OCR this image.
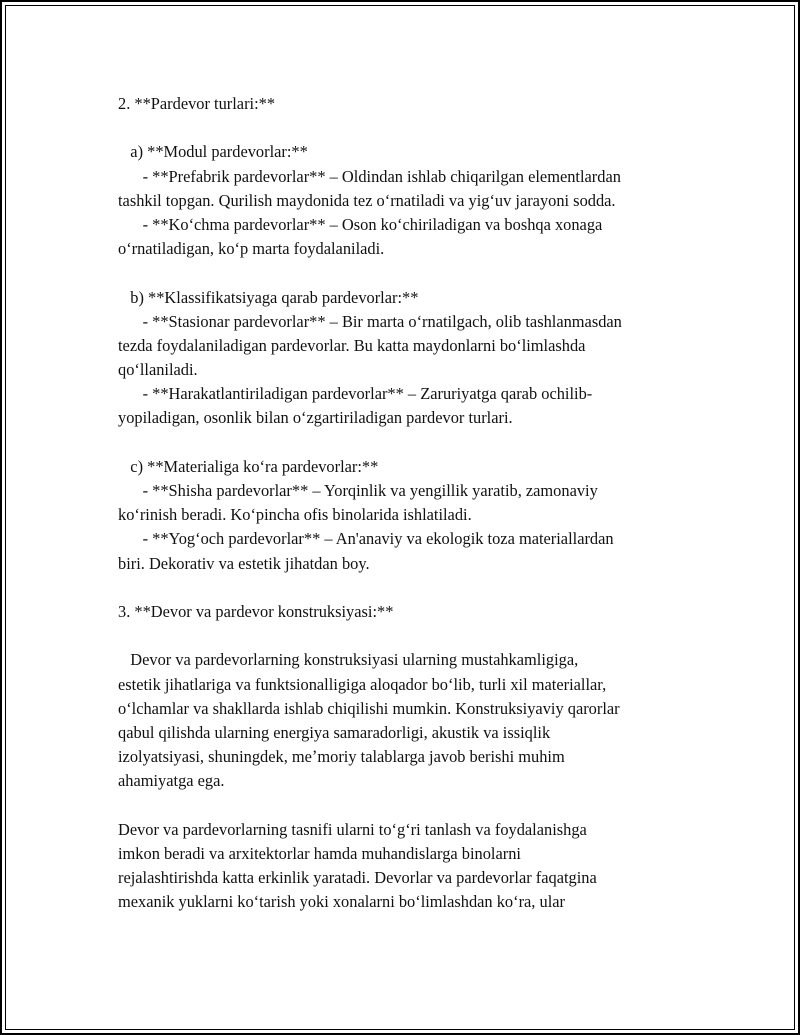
2. **Pardevor turlari:**
a) **Modul pardevorlar:**
- **Prefabrik pardevorlar** – Oldindan ishlab chiqarilgan elementlardan
tashkil topgan. Qurilish maydonida tez oʻrnatiladi va yigʻuv jarayoni sodda.
- **Koʻchma pardevorlar** – Oson koʻchiriladigan va boshqa xonaga
oʻrnatiladigan, koʻp marta foydalaniladi.
b) **Klassifikatsiyaga qarab pardevorlar:**
- **Stasionar pardevorlar** – Bir marta oʻrnatilgach, olib tashlanmasdan
tezda foydalaniladigan pardevorlar. Bu katta maydonlarni boʻlimlashda
qoʻllaniladi.
- **Harakatlantiriladigan pardevorlar** – Zaruriyatga qarab ochilib-
yopiladigan, osonlik bilan oʻzgartiriladigan pardevor turlari.
c) **Materialiga koʻra pardevorlar:**
- **Shisha pardevorlar** – Yorqinlik va yengillik yaratib, zamonaviy
koʻrinish beradi. Koʻpincha ofis binolarida ishlatiladi.
- **Yogʻoch pardevorlar** – An'anaviy va ekologik toza materiallardan
biri. Dekorativ va estetik jihatdan boy.
3. **Devor va pardevor konstruksiyasi:**
Devor va pardevorlarning konstruksiyasi ularning mustahkamligiga,
estetik jihatlariga va funktsionalligiga aloqador boʻlib, turli xil materiallar,
oʻlchamlar va shakllarda ishlab chiqilishi mumkin. Konstruksiyaviy qarorlar
qabul qilishda ularning energiya samaradorligi, akustik va issiqlik
izolyatsiyasi, shuningdek, meʼmoriy talablarga javob berishi muhim
ahamiyatga ega.
Devor va pardevorlarning tasnifi ularni toʻgʻri tanlash va foydalanishga
imkon beradi va arxitektorlar hamda muhandislarga binolarni
rejalashtirishda katta erkinlik yaratadi. Devorlar va pardevorlar faqatgina
mexanik yuklarni koʻtarish yoki xonalarni boʻlimlashdan koʻra, ular
